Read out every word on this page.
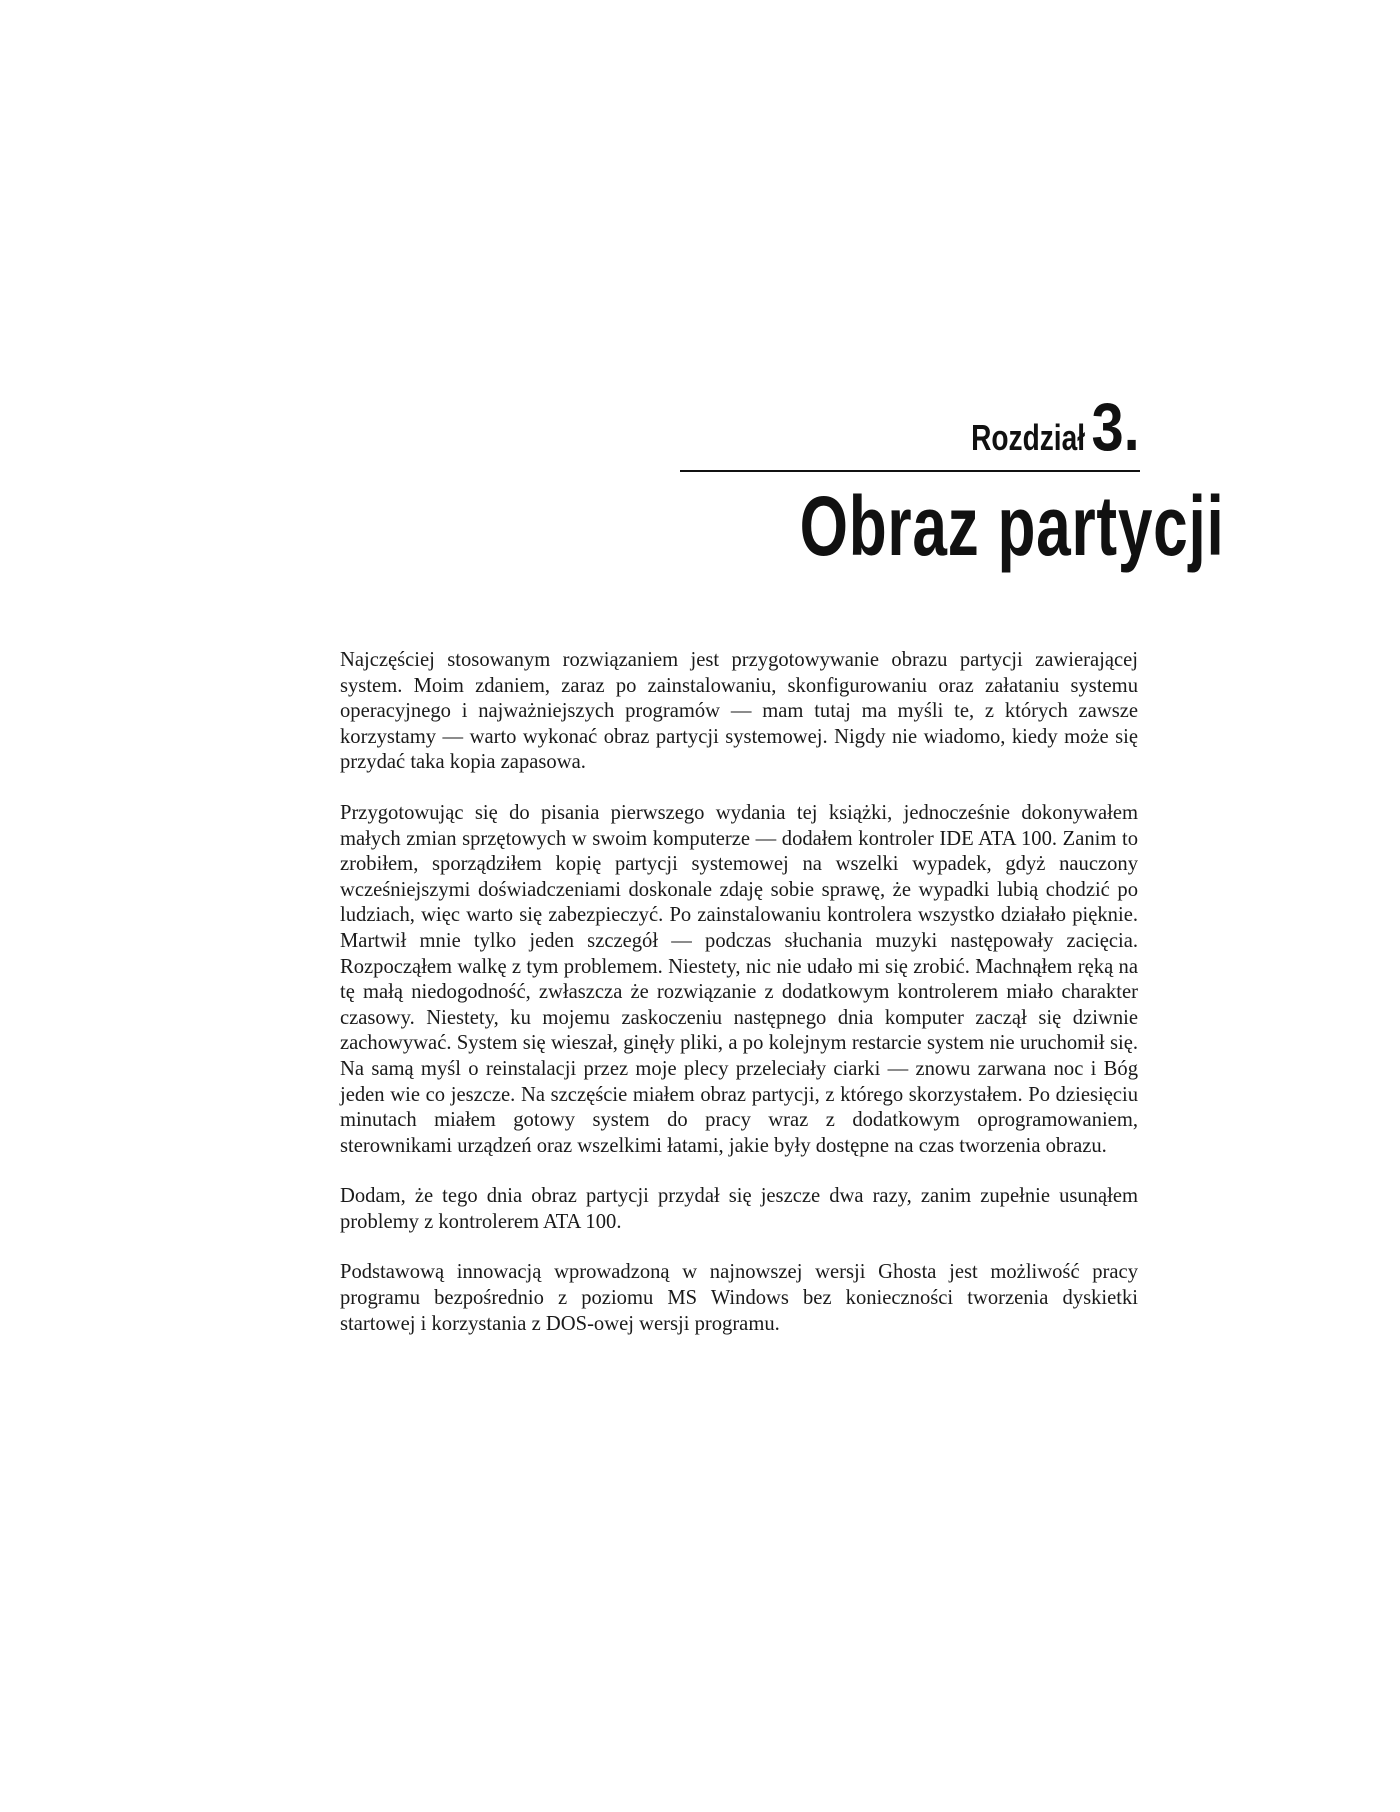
Rozdział 3.
Obraz partycji

Najczęściej stosowanym rozwiązaniem jest przygotowywanie obrazu partycji zawierającej system. Moim zdaniem, zaraz po zainstalowaniu, skonfigurowaniu oraz załataniu systemu operacyjnego i najważniejszych programów — mam tutaj ma myśli te, z których zawsze korzystamy — warto wykonać obraz partycji systemowej. Nigdy nie wiadomo, kiedy może się przydać taka kopia zapasowa.

Przygotowując się do pisania pierwszego wydania tej książki, jednocześnie dokonywałem małych zmian sprzętowych w swoim komputerze — dodałem kontroler IDE ATA 100. Zanim to zrobiłem, sporządziłem kopię partycji systemowej na wszelki wypadek, gdyż nauczony wcześniejszymi doświadczeniami doskonale zdaję sobie sprawę, że wypadki lubią chodzić po ludziach, więc warto się zabezpieczyć. Po zainstalowaniu kontrolera wszystko działało pięknie. Martwił mnie tylko jeden szczegół — podczas słuchania muzyki następowały zacięcia. Rozpocząłem walkę z tym problemem. Niestety, nic nie udało mi się zrobić. Machnąłem ręką na tę małą niedogodność, zwłaszcza że rozwiązanie z dodatkowym kontrolerem miało charakter czasowy. Niestety, ku mojemu zaskoczeniu następnego dnia komputer zaczął się dziwnie zachowywać. System się wieszał, ginęły pliki, a po kolejnym restarcie system nie uruchomił się. Na samą myśl o reinstalacji przez moje plecy przeleciały ciarki — znowu zarwana noc i Bóg jeden wie co jeszcze. Na szczęście miałem obraz partycji, z którego skorzystałem. Po dziesięciu minutach miałem gotowy system do pracy wraz z dodatkowym oprogramowaniem, sterownikami urządzeń oraz wszelkimi łatami, jakie były dostępne na czas tworzenia obrazu.

Dodam, że tego dnia obraz partycji przydał się jeszcze dwa razy, zanim zupełnie usunąłem problemy z kontrolerem ATA 100.

Podstawową innowacją wprowadzoną w najnowszej wersji Ghosta jest możliwość pracy programu bezpośrednio z poziomu MS Windows bez konieczności tworzenia dyskietki startowej i korzystania z DOS-owej wersji programu.
